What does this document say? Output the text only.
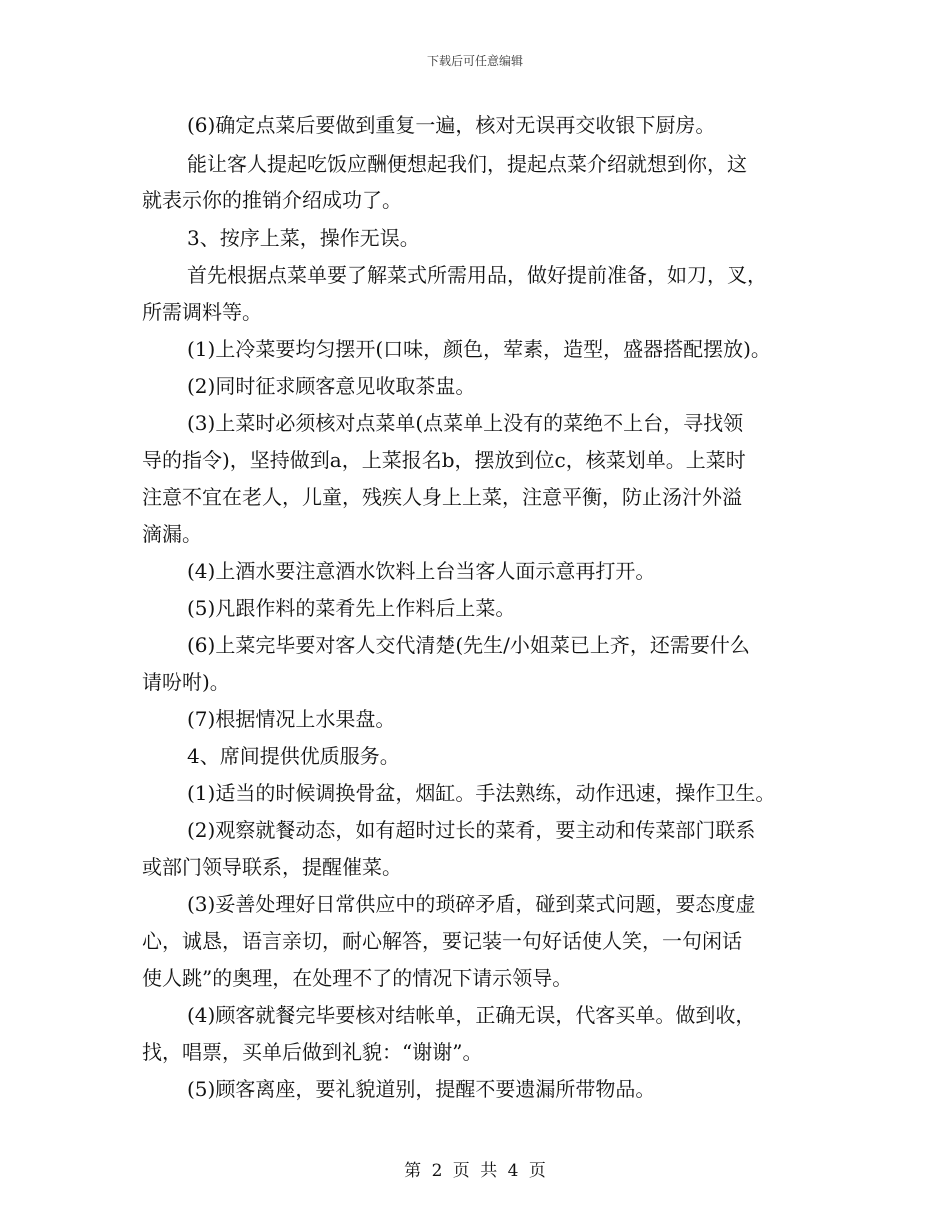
下载后可任意编辑
(6)确定点菜后要做到重复一遍，核对无误再交收银下厨房。
能让客人提起吃饭应酬便想起我们，提起点菜介绍就想到你，这
就表示你的推销介绍成功了。
3、按序上菜，操作无误。
首先根据点菜单要了解菜式所需用品，做好提前准备，如刀，叉，
所需调料等。
(1)上冷菜要均匀摆开(口味，颜色，荤素，造型，盛器搭配摆放)。
(2)同时征求顾客意见收取茶盅。
(3)上菜时必须核对点菜单(点菜单上没有的菜绝不上台，寻找领
导的指令)，坚持做到a，上菜报名b，摆放到位c，核菜划单。上菜时
注意不宜在老人，儿童，残疾人身上上菜，注意平衡，防止汤汁外溢
滴漏。
(4)上酒水要注意酒水饮料上台当客人面示意再打开。
(5)凡跟作料的菜肴先上作料后上菜。
(6)上菜完毕要对客人交代清楚(先生/小姐菜已上齐，还需要什么
请吩咐)。
(7)根据情况上水果盘。
4、席间提供优质服务。
(1)适当的时候调换骨盆，烟缸。手法熟练，动作迅速，操作卫生。
(2)观察就餐动态，如有超时过长的菜肴，要主动和传菜部门联系
或部门领导联系，提醒催菜。
(3)妥善处理好日常供应中的琐碎矛盾，碰到菜式问题，要态度虚
心，诚恳，语言亲切，耐心解答，要记装一句好话使人笑，一句闲话
使人跳”的奥理，在处理不了的情况下请示领导。
(4)顾客就餐完毕要核对结帐单，正确无误，代客买单。做到收，
找，唱票，买单后做到礼貌：“谢谢”。
(5)顾客离座，要礼貌道别，提醒不要遗漏所带物品。
第 2 页 共 4 页
